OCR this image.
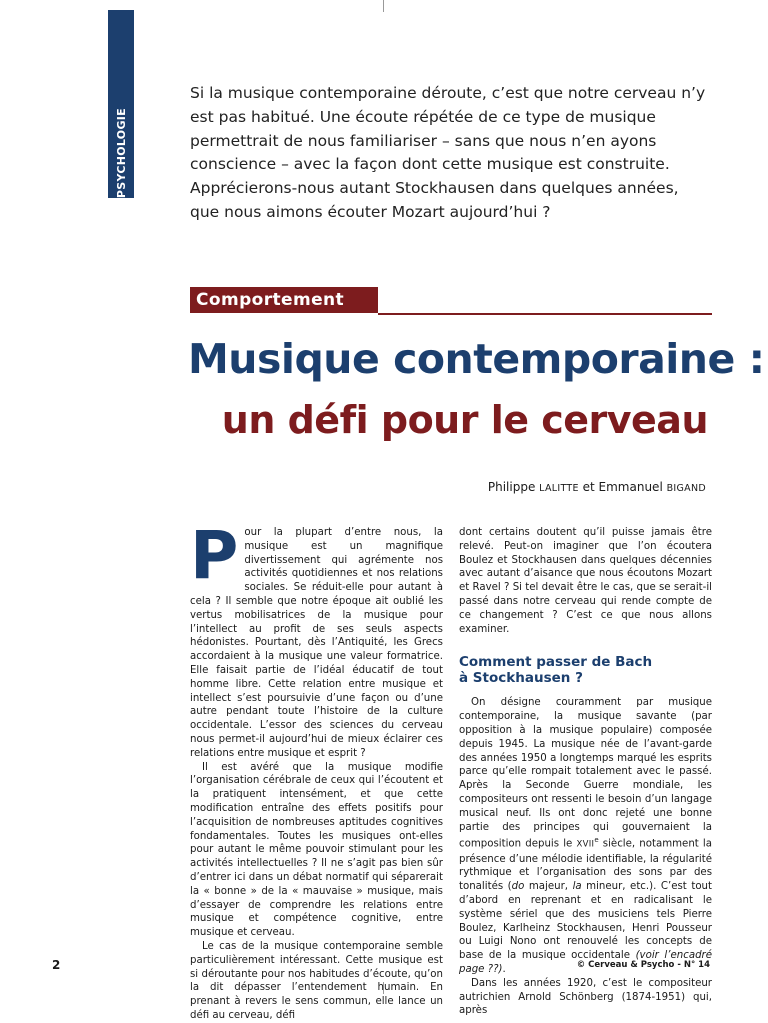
PSYCHOLOGIE
Si la musique contemporaine déroute, c’est que notre cerveau n’y est pas habitué. Une écoute répétée de ce type de musique permettrait de nous familiariser – sans que nous n’en ayons conscience – avec la façon dont cette musique est construite. Apprécierons-nous autant Stockhausen dans quelques années, que nous aimons écouter Mozart aujourd’hui ?
Comportement
Musique contemporaine :
un défi pour le cerveau
Philippe LALITTE et Emmanuel BIGAND
P our la plupart d’entre nous, la musique est un magnifique divertissement qui agrémente nos activités quotidiennes et nos relations sociales. Se réduit-elle pour autant à cela ? Il semble que notre époque ait oublié les vertus mobilisatrices de la musique pour l’intellect au profit de ses seuls aspects hédonistes. Pourtant, dès l’Antiquité, les Grecs accordaient à la musique une valeur formatrice. Elle faisait partie de l’idéal éducatif de tout homme libre. Cette relation entre musique et intellect s’est poursuivie d’une façon ou d’une autre pendant toute l’histoire de la culture occidentale. L’essor des sciences du cerveau nous permet-il aujourd’hui de mieux éclairer ces relations entre musique et esprit ?

Il est avéré que la musique modifie l’organisation cérébrale de ceux qui l’écoutent et la pratiquent intensément, et que cette modification entraîne des effets positifs pour l’acquisition de nombreuses aptitudes cognitives fondamentales. Toutes les musiques ont-elles pour autant le même pouvoir stimulant pour les activités intellectuelles ? Il ne s’agit pas bien sûr d’entrer ici dans un débat normatif qui séparerait la « bonne » de la « mauvaise » musique, mais d’essayer de comprendre les relations entre musique et compétence cognitive, entre musique et cerveau.

Le cas de la musique contemporaine semble particulièrement intéressant. Cette musique est si déroutante pour nos habitudes d’écoute, qu’on la dit dépasser l’entendement humain. En prenant à revers le sens commun, elle lance un défi au cerveau, défi

dont certains doutent qu’il puisse jamais être relevé. Peut-on imaginer que l’on écoutera Boulez et Stockhausen dans quelques décennies avec autant d’aisance que nous écoutons Mozart et Ravel ? Si tel devait être le cas, que se serait-il passé dans notre cerveau qui rende compte de ce changement ? C’est ce que nous allons examiner.

Comment passer de Bach
à Stockhausen ?

On désigne couramment par musique contemporaine, la musique savante (par opposition à la musique populaire) composée depuis 1945. La musique née de l’avant-garde des années 1950 a longtemps marqué les esprits parce qu’elle rompait totalement avec le passé. Après la Seconde Guerre mondiale, les compositeurs ont ressenti le besoin d’un langage musical neuf. Ils ont donc rejeté une bonne partie des principes qui gouvernaient la composition depuis le XVIIe siècle, notamment la présence d’une mélodie identifiable, la régularité rythmique et l’organisation des sons par des tonalités (do majeur, la mineur, etc.). C’est tout d’abord en reprenant et en radicalisant le système sériel que des musiciens tels Pierre Boulez, Karlheinz Stockhausen, Henri Pousseur ou Luigi Nono ont renouvelé les concepts de base de la musique occidentale (voir l’encadré page ??).

Dans les années 1920, c’est le compositeur autrichien Arnold Schönberg (1874-1951) qui, après

2	© Cerveau & Psycho - N° 14
